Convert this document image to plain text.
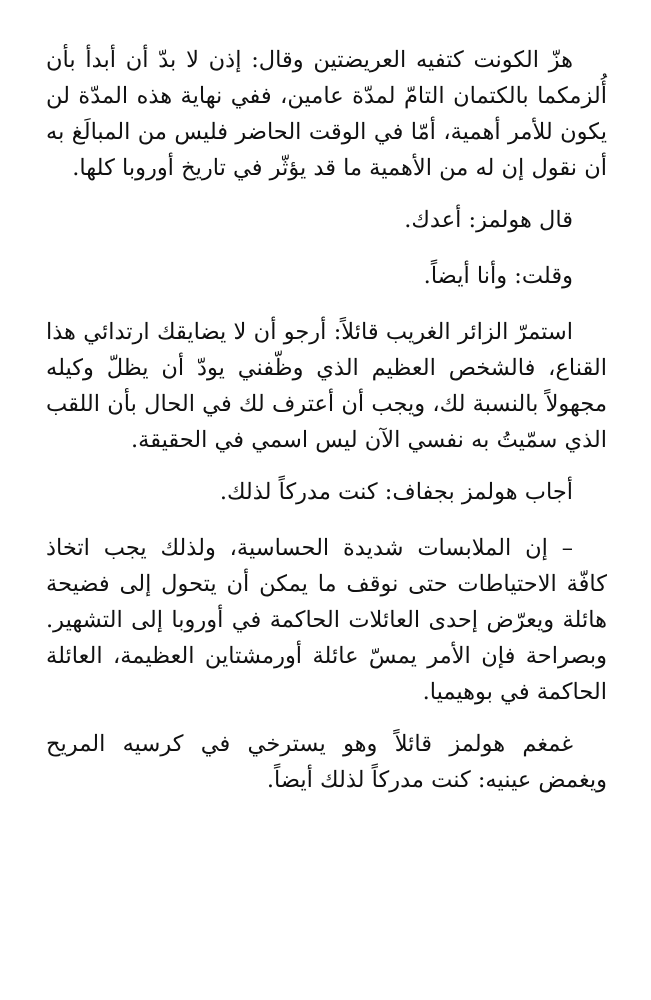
هزّ الكونت كتفيه العريضتين وقال: إذن لا بدّ أن أبدأ بأن أُلزمكما بالكتمان التامّ لمدّة عامين، ففي نهاية هذه المدّة لن يكون للأمر أهمية، أمّا في الوقت الحاضر فليس من المبالَغ به أن نقول إن له من الأهمية ما قد يؤثّر في تاريخ أوروبا كلها.

قال هولمز: أعدك.

وقلت: وأنا أيضاً.

استمرّ الزائر الغريب قائلاً: أرجو أن لا يضايقك ارتدائي هذا القناع، فالشخص العظيم الذي وظّفني يودّ أن يظلّ وكيله مجهولاً بالنسبة لك، ويجب أن أعترف لك في الحال بأن اللقب الذي سمّيتُ به نفسي الآن ليس اسمي في الحقيقة.

أجاب هولمز بجفاف: كنت مدركاً لذلك.

– إن الملابسات شديدة الحساسية، ولذلك يجب اتخاذ كافّة الاحتياطات حتى نوقف ما يمكن أن يتحول إلى فضيحة هائلة ويعرّض إحدى العائلات الحاكمة في أوروبا إلى التشهير. وبصراحة فإن الأمر يمسّ عائلة أورمشتاين العظيمة، العائلة الحاكمة في بوهيميا.

غمغم هولمز قائلاً وهو يسترخي في كرسيه المريح ويغمض عينيه: كنت مدركاً لذلك أيضاً.
